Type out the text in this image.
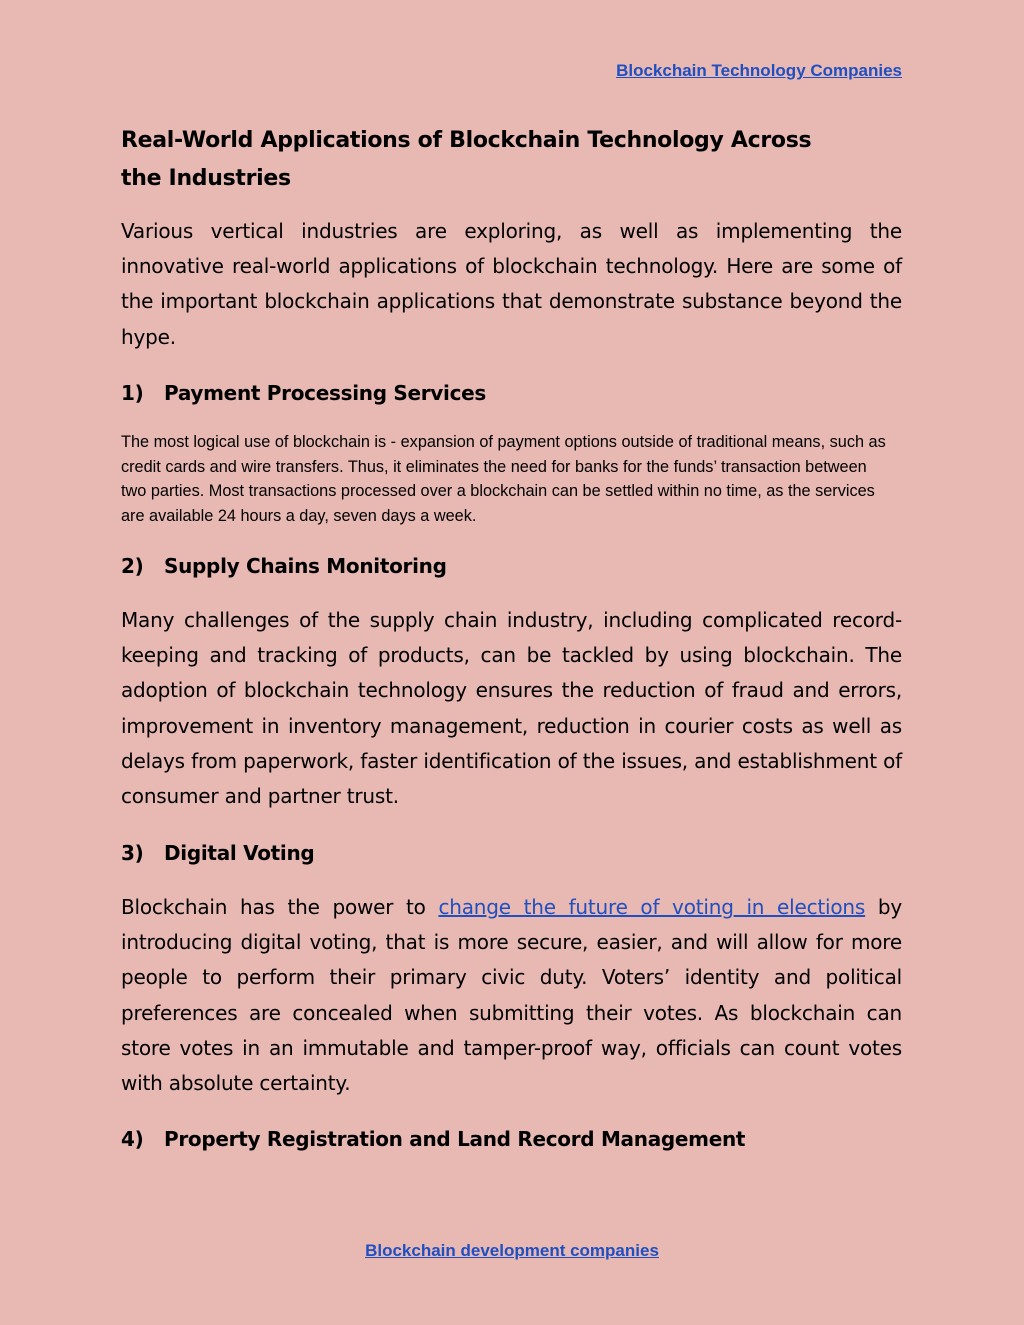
Blockchain Technology Companies
Real-World Applications of Blockchain Technology Across the Industries

Various vertical industries are exploring, as well as implementing the innovative real-world applications of blockchain technology. Here are some of the important blockchain applications that demonstrate substance beyond the hype.

1)	Payment Processing Services

The most logical use of blockchain is - expansion of payment options outside of traditional means, such as credit cards and wire transfers. Thus, it eliminates the need for banks for the funds’ transaction between two parties. Most transactions processed over a blockchain can be settled within no time, as the services are available 24 hours a day, seven days a week.

2)	Supply Chains Monitoring

Many challenges of the supply chain industry, including complicated record-keeping and tracking of products, can be tackled by using blockchain. The adoption of blockchain technology ensures the reduction of fraud and errors, improvement in inventory management, reduction in courier costs as well as delays from paperwork, faster identification of the issues, and establishment of consumer and partner trust.

3)	Digital Voting

Blockchain has the power to change the future of voting in elections by introducing digital voting, that is more secure, easier, and will allow for more people to perform their primary civic duty. Voters’ identity and political preferences are concealed when submitting their votes. As blockchain can store votes in an immutable and tamper-proof way, officials can count votes with absolute certainty.

4)	Property Registration and Land Record Management
Blockchain development companies
